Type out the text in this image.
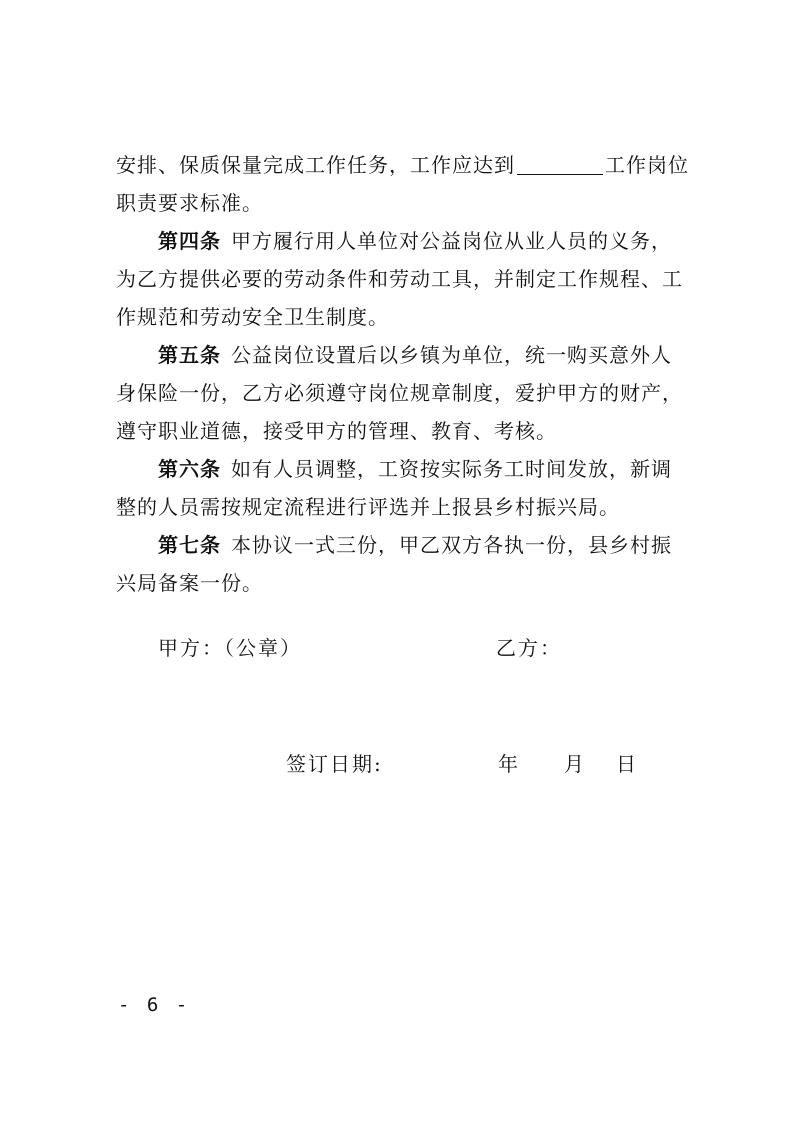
安排、保质保量完成工作任务，工作应达到	工作岗位
职责要求标准。
第四条 甲方履行用人单位对公益岗位从业人员的义务，
为乙方提供必要的劳动条件和劳动工具，并制定工作规程、工
作规范和劳动安全卫生制度。
第五条 公益岗位设置后以乡镇为单位，统一购买意外人
身保险一份，乙方必须遵守岗位规章制度，爱护甲方的财产，
遵守职业道德，接受甲方的管理、教育、考核。
第六条 如有人员调整，工资按实际务工时间发放，新调
整的人员需按规定流程进行评选并上报县乡村振兴局。
第七条 本协议一式三份，甲乙双方各执一份，县乡村振
兴局备案一份。
甲方：（公章）	乙方：
签订日期:	年 月 日
- 6 -
